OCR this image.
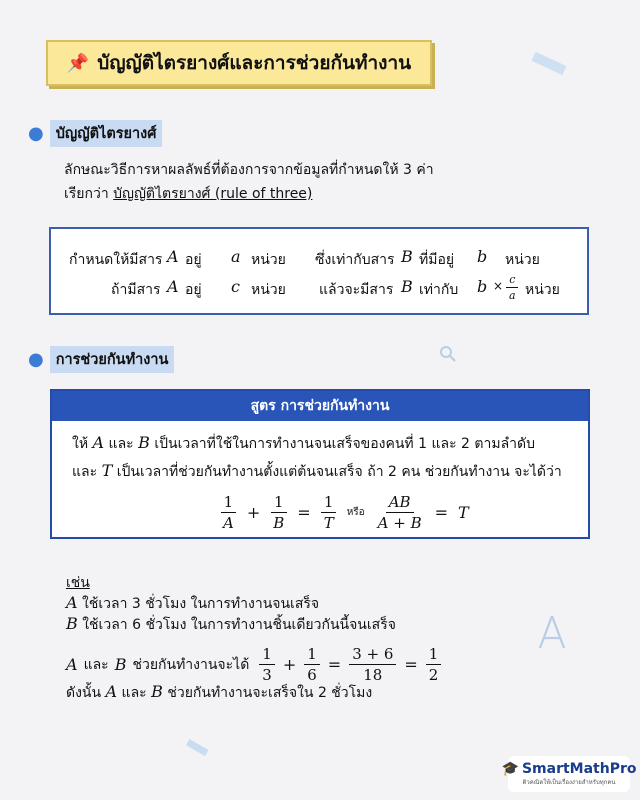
📌 บัญญัติไตรยางศ์และการช่วยกันทำงาน
● บัญญัติไตรยางศ์
ลักษณะวิธีการหาผลลัพธ์ที่ต้องการจากข้อมูลที่กำหนดให้ 3 ค่า
เรียกว่า บัญญัติไตรยางศ์ (rule of three)
กำหนดให้มีสาร A อยู่ a หน่วย ซึ่งเท่ากับสาร B ที่มีอยู่ b หน่วย
ถ้ามีสาร A อยู่ c หน่วย แล้วจะมีสาร B เท่ากับ $b \times \frac{c}{a}$ หน่วย
● การช่วยกันทำงาน
สูตร การช่วยกันทำงาน
ให้ A และ B เป็นเวลาที่ใช้ในการทำงานจนเสร็จของคนที่ 1 และ 2 ตามลำดับ
และ T เป็นเวลาที่ช่วยกันทำงานตั้งแต่ต้นจนเสร็จ ถ้า 2 คน ช่วยกันทำงาน จะได้ว่า
$\frac{1}{A} + \frac{1}{B} = \frac{1}{T}$ หรือ $\frac{AB}{A + B} = T$
เช่น
A ใช้เวลา 3 ชั่วโมง ในการทำงานจนเสร็จ
B ใช้เวลา 6 ชั่วโมง ในการทำงานชิ้นเดียวกันนี้จนเสร็จ
A และ B ช่วยกันทำงานจะได้ $\frac{1}{3} + \frac{1}{6} = \frac{3 + 6}{18} = \frac{1}{2}$
ดังนั้น A และ B ช่วยกันทำงานจะเสร็จใน 2 ชั่วโมง
🎓 SmartMathPro
ติวคณิตให้เป็นเรื่องง่ายสำหรับทุกคน
